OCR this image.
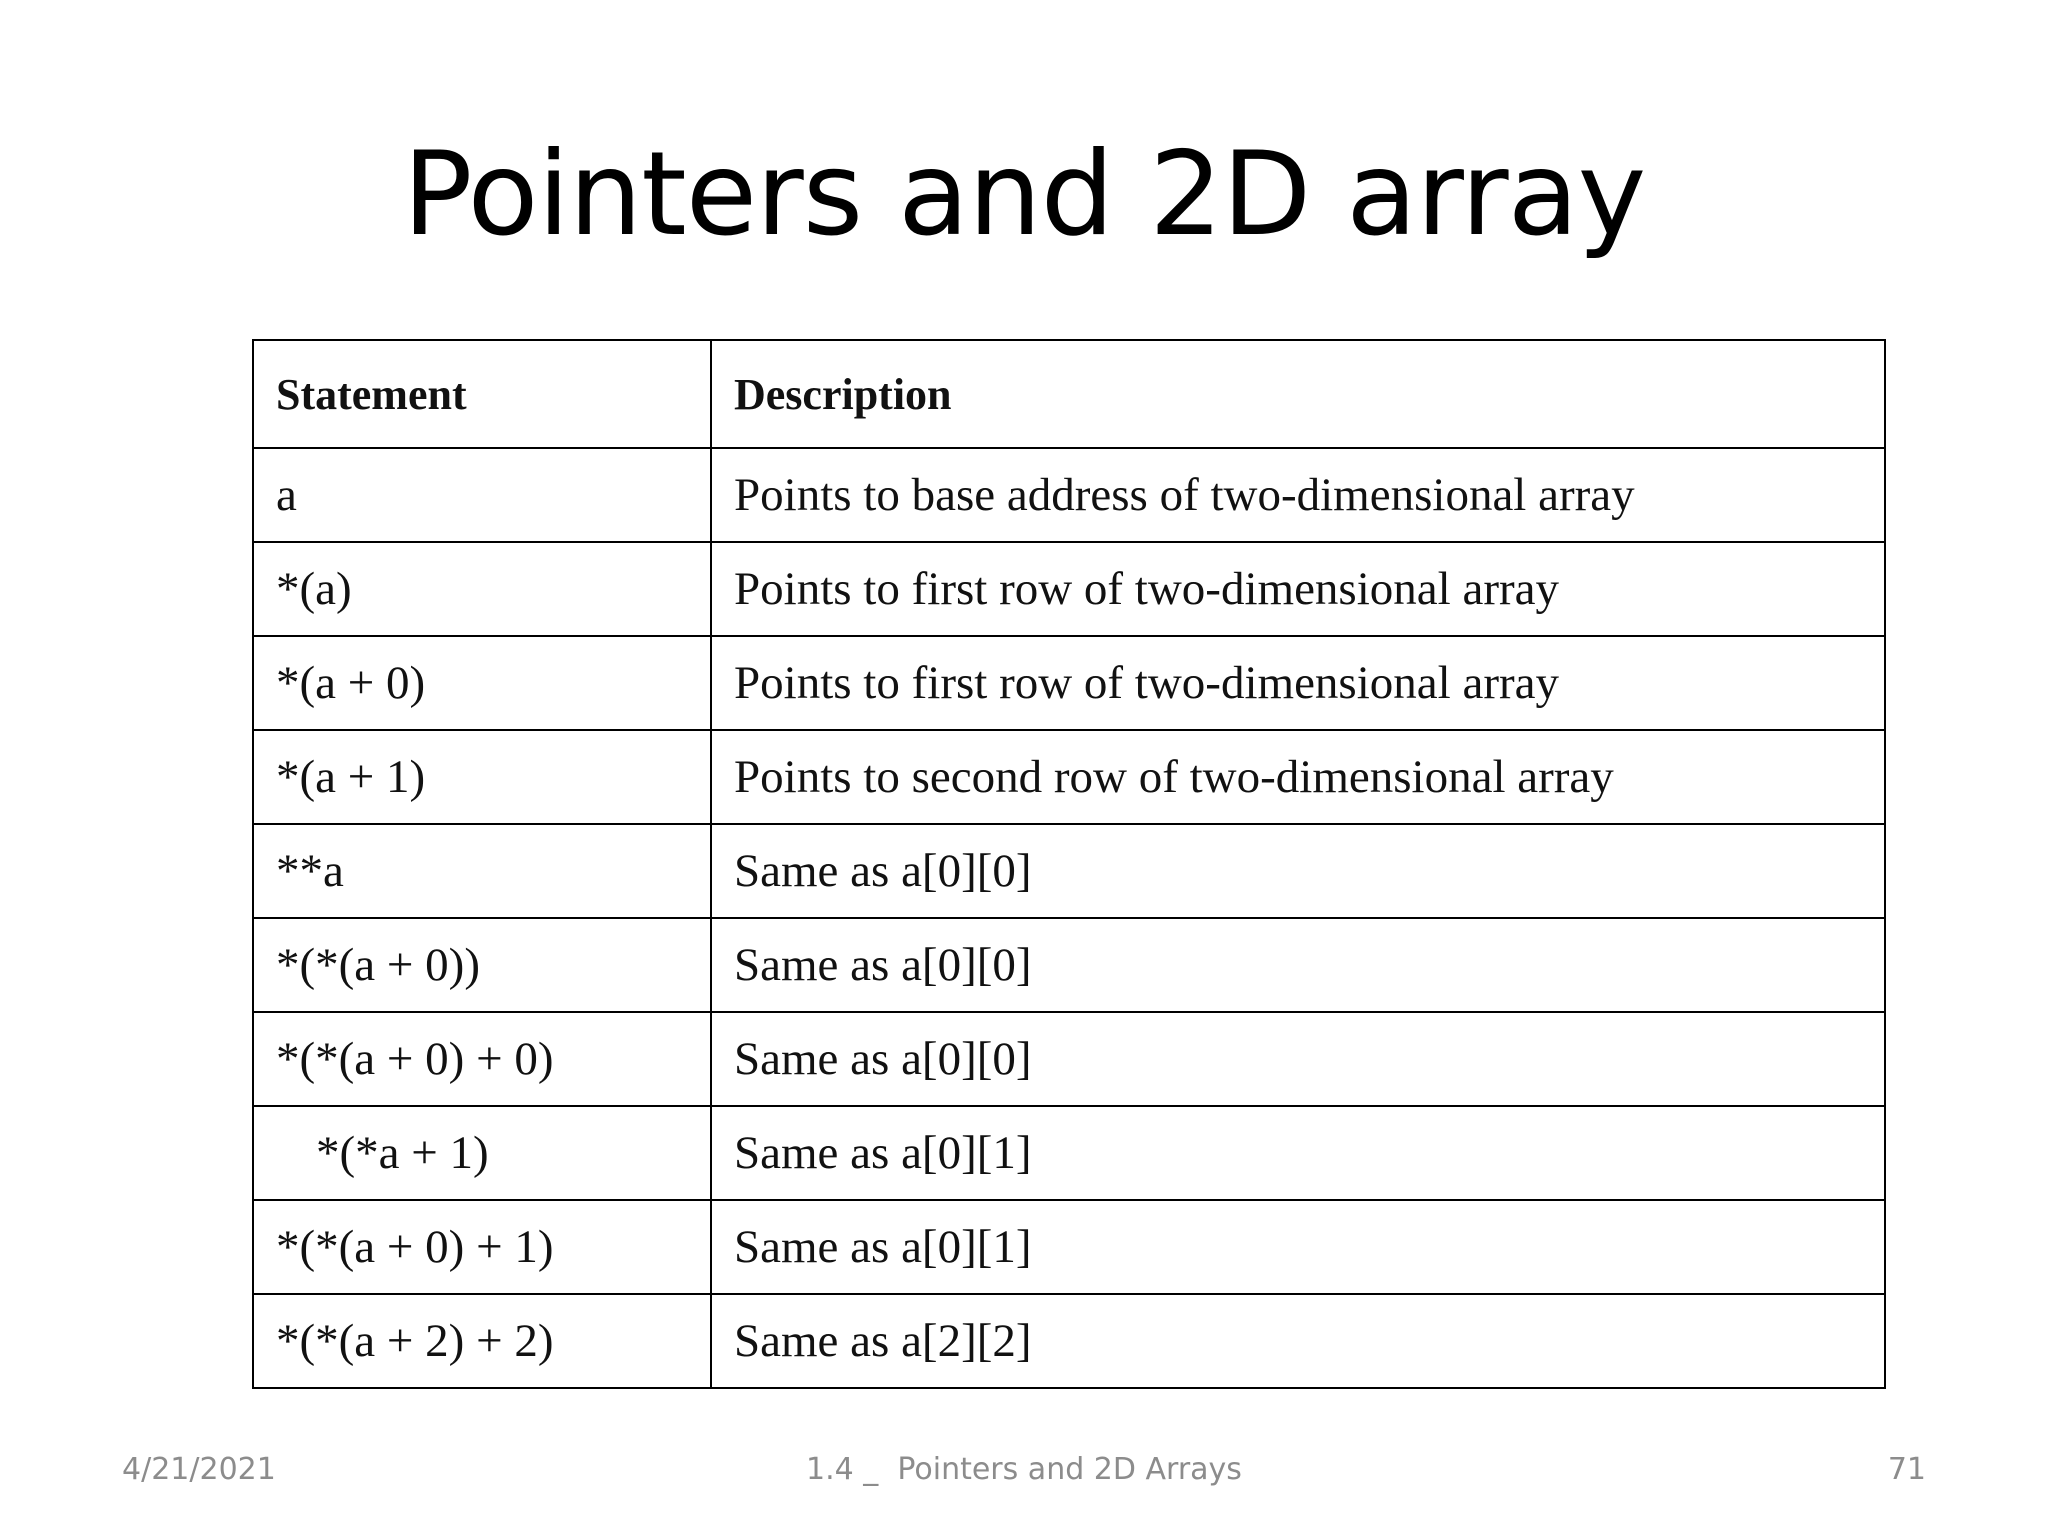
Pointers and 2D array
Statement	Description
a	Points to base address of two-dimensional array
*(a)	Points to first row of two-dimensional array
*(a + 0)	Points to first row of two-dimensional array
*(a + 1)	Points to second row of two-dimensional array
**a	Same as a[0][0]
*(*(a + 0))	Same as a[0][0]
*(*(a + 0) + 0)	Same as a[0][0]
*(*a + 1)	Same as a[0][1]
*(*(a + 0) + 1)	Same as a[0][1]
*(*(a + 2) + 2)	Same as a[2][2]
4/21/2021	1.4 _  Pointers and 2D Arrays	71
